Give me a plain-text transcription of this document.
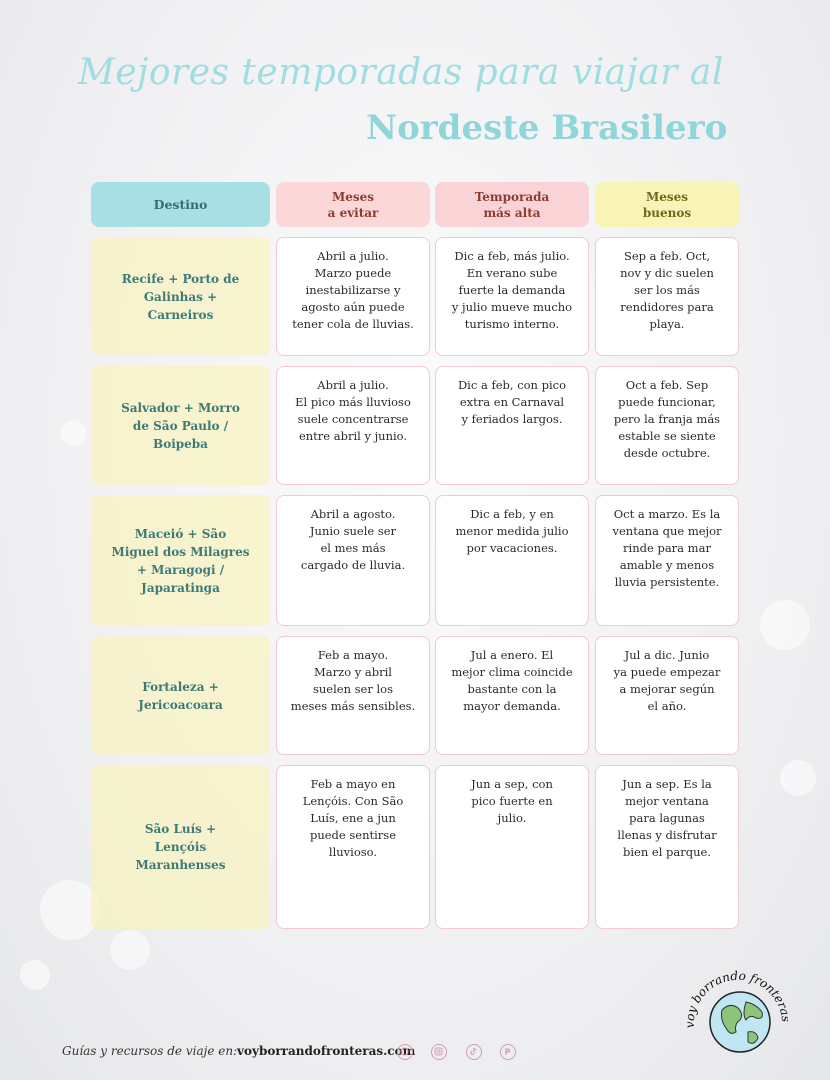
Mejores temporadas para viajar al
Nordeste Brasilero
Destino	Meses
a evitar
Temporada
más alta
Meses
buenos
Recife + Porto de
Galinhas +
Carneiros
Abril a julio.
Marzo puede
inestabilizarse y
agosto aún puede
tener cola de lluvias.
Dic a feb, más julio.
En verano sube
fuerte la demanda
y julio mueve mucho
turismo interno.
Sep a feb. Oct,
nov y dic suelen
ser los más
rendidores para
playa.
Salvador + Morro
de São Paulo /
Boipeba
Abril a julio.
El pico más lluvioso
suele concentrarse
entre abril y junio.
Dic a feb, con pico
extra en Carnaval
y feriados largos.
Oct a feb. Sep
puede funcionar,
pero la franja más
estable se siente
desde octubre.
Maceió + São
Miguel dos Milagres
+ Maragogi /
Japaratinga
Abril a agosto.
Junio suele ser
el mes más
cargado de lluvia.
Dic a feb, y en
menor medida julio
por vacaciones.
Oct a marzo. Es la
ventana que mejor
rinde para mar
amable y menos
lluvia persistente.
Fortaleza +
Jericoacoara
Feb a mayo.
Marzo y abril
suelen ser los
meses más sensibles.
Jul a enero. El
mejor clima coincide
bastante con la
mayor demanda.
Jul a dic. Junio
ya puede empezar
a mejorar según
el año.
São Luís +
Lençóis
Maranhenses
Feb a mayo en
Lençóis. Con São
Luís, ene a jun
puede sentirse
lluvioso.
Jun a sep, con
pico fuerte en
julio.
Jun a sep. Es la
mejor ventana
para lagunas
llenas y disfrutar
bien el parque.
voy borrando fronte
Guías y recursos de viaje en: voyborrandofronteras.com	P
